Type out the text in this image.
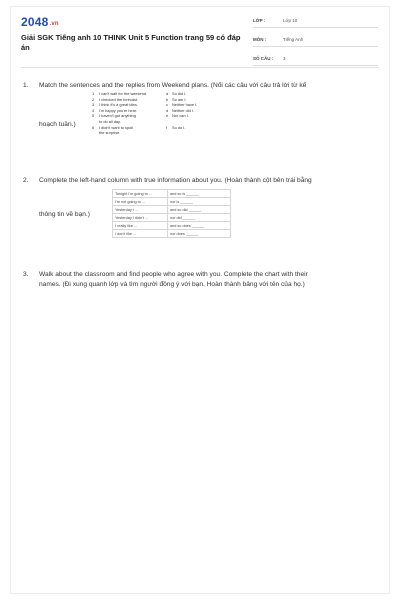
2048.vn
Giải SGK Tiếng anh 10 THINK Unit 5 Function trang 59 có đáp án
LỚP :	Lớp 10
MÔN :	Tiếng Anh
SỐ CÂU :	3
1.	Match the sentences and the replies from Weekend plans. (Nối các câu với câu trả lời từ kế
hoạch tuần.)
1	I can't wait for the weekend.	a So did I.
2	I checked the forecast.	b So am I.
3	I think it's a great idea.	c	Neither have I.
4	I'm happy you're here.	d Neither did I.
5	I haven't got anything	e Nor can I.
to do all day.
6	I didn't want to spoil	f	So do I.
the surprise.
2.	Complete the left-hand column with true information about you. (Hoàn thành cột bên trái bằng
thông tin về bạn.)
Tonight I'm going to ...	and so is ______
I'm not going to ...	nor is ______
Yesterday I ...	and so did ______
Yesterday I didn't ...	nor did ______
I really like ...	and so does ______
I don't like ...	nor does ______
3.	Walk about the classroom and find people who agree with you. Complete the chart with their
names. (Đi xung quanh lớp và tìm người đồng ý với bạn. Hoàn thành bảng với tên của họ.)
